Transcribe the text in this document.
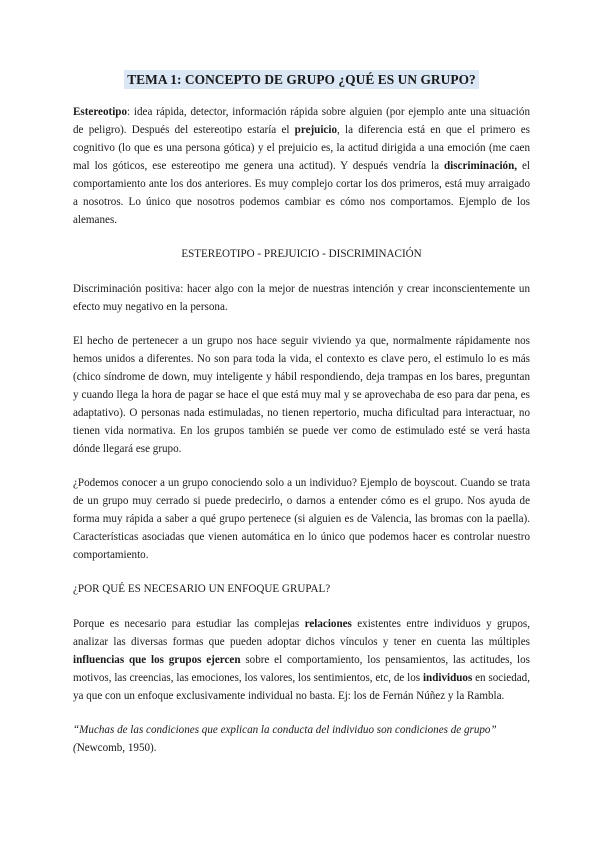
TEMA 1: CONCEPTO DE GRUPO ¿QUÉ ES UN GRUPO?

Estereotipo: idea rápida, detector, información rápida sobre alguien (por ejemplo ante una situación de peligro). Después del estereotipo estaría el prejuicio, la diferencia está en que el primero es cognitivo (lo que es una persona gótica) y el prejuicio es, la actitud dirigida a una emoción (me caen mal los góticos, ese estereotipo me genera una actitud). Y después vendría la discriminación, el comportamiento ante los dos anteriores. Es muy complejo cortar los dos primeros, está muy arraigado a nosotros. Lo único que nosotros podemos cambiar es cómo nos comportamos. Ejemplo de los alemanes.

ESTEREOTIPO - PREJUICIO - DISCRIMINACIÓN

Discriminación positiva: hacer algo con la mejor de nuestras intención y crear inconscientemente un efecto muy negativo en la persona.

El hecho de pertenecer a un grupo nos hace seguir viviendo ya que, normalmente rápidamente nos hemos unidos a diferentes. No son para toda la vida, el contexto es clave pero, el estimulo lo es más (chico síndrome de down, muy inteligente y hábil respondiendo, deja trampas en los bares, preguntan y cuando llega la hora de pagar se hace el que está muy mal y se aprovechaba de eso para dar pena, es adaptativo). O personas nada estimuladas, no tienen repertorio, mucha dificultad para interactuar, no tienen vida normativa. En los grupos también se puede ver como de estimulado esté se verá hasta dónde llegará ese grupo.

¿Podemos conocer a un grupo conociendo solo a un individuo? Ejemplo de boyscout. Cuando se trata de un grupo muy cerrado si puede predecirlo, o darnos a entender cómo es el grupo. Nos ayuda de forma muy rápida a saber a qué grupo pertenece (si alguien es de Valencia, las bromas con la paella). Características asociadas que vienen automática en lo único que podemos hacer es controlar nuestro comportamiento.

¿POR QUÉ ES NECESARIO UN ENFOQUE GRUPAL?

Porque es necesario para estudiar las complejas relaciones existentes entre individuos y grupos, analizar las diversas formas que pueden adoptar dichos vínculos y tener en cuenta las múltiples influencias que los grupos ejercen sobre el comportamiento, los pensamientos, las actitudes, los motivos, las creencias, las emociones, los valores, los sentimientos, etc, de los individuos en sociedad, ya que con un enfoque exclusivamente individual no basta. Ej: los de Fernán Núñez y la Rambla.

“Muchas de las condiciones que explican la conducta del individuo son condiciones de grupo” (Newcomb, 1950).
